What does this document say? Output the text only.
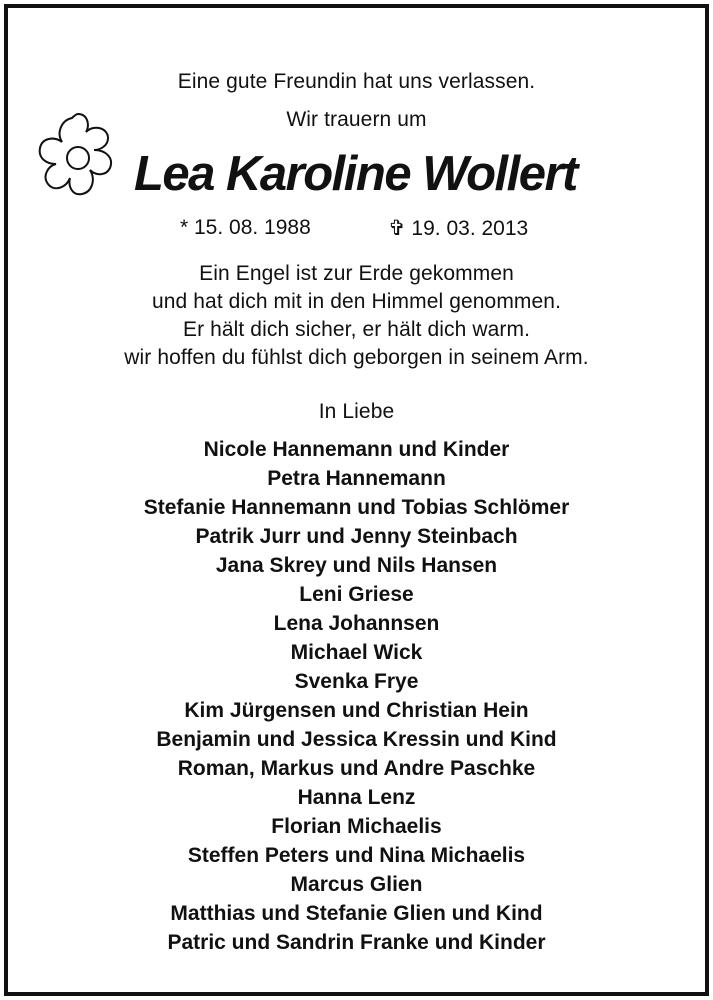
Eine gute Freundin hat uns verlassen.
Wir trauern um
Lea Karoline Wollert
* 15. 08. 1988	✞ 19. 03. 2013
Ein Engel ist zur Erde gekommen
und hat dich mit in den Himmel genommen.
Er hält dich sicher, er hält dich warm.
wir hoffen du fühlst dich geborgen in seinem Arm.
In Liebe
Nicole Hannemann und Kinder
Petra Hannemann
Stefanie Hannemann und Tobias Schlömer
Patrik Jurr und Jenny Steinbach
Jana Skrey und Nils Hansen
Leni Griese
Lena Johannsen
Michael Wick
Svenka Frye
Kim Jürgensen und Christian Hein
Benjamin und Jessica Kressin und Kind
Roman, Markus und Andre Paschke
Hanna Lenz
Florian Michaelis
Steffen Peters und Nina Michaelis
Marcus Glien
Matthias und Stefanie Glien und Kind
Patric und Sandrin Franke und Kinder
